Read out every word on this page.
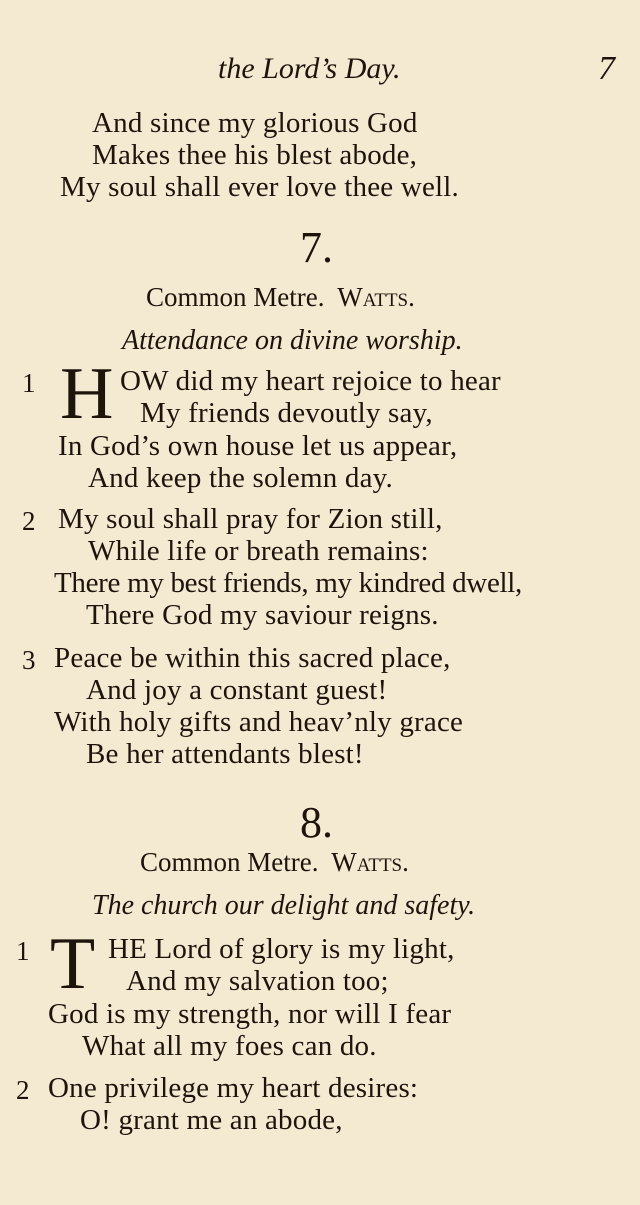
the Lord’s Day.	7
And since my glorious God
Makes thee his blest abode,
My soul shall ever love thee well.
7.
Common Metre. Watts.
Attendance on divine worship.
1 H OW did my heart rejoice to hear
My friends devoutly say,
In God’s own house let us appear,
And keep the solemn day.
2 My soul shall pray for Zion still,
While life or breath remains:
There my best friends, my kindred dwell,
There God my saviour reigns.
3 Peace be within this sacred place,
And joy a constant guest!
With holy gifts and heav’nly grace
Be her attendants blest!
8.
Common Metre. Watts.
The church our delight and safety.
1 T HE Lord of glory is my light,
And my salvation too;
God is my strength, nor will I fear
What all my foes can do.
2 One privilege my heart desires:
O! grant me an abode,
